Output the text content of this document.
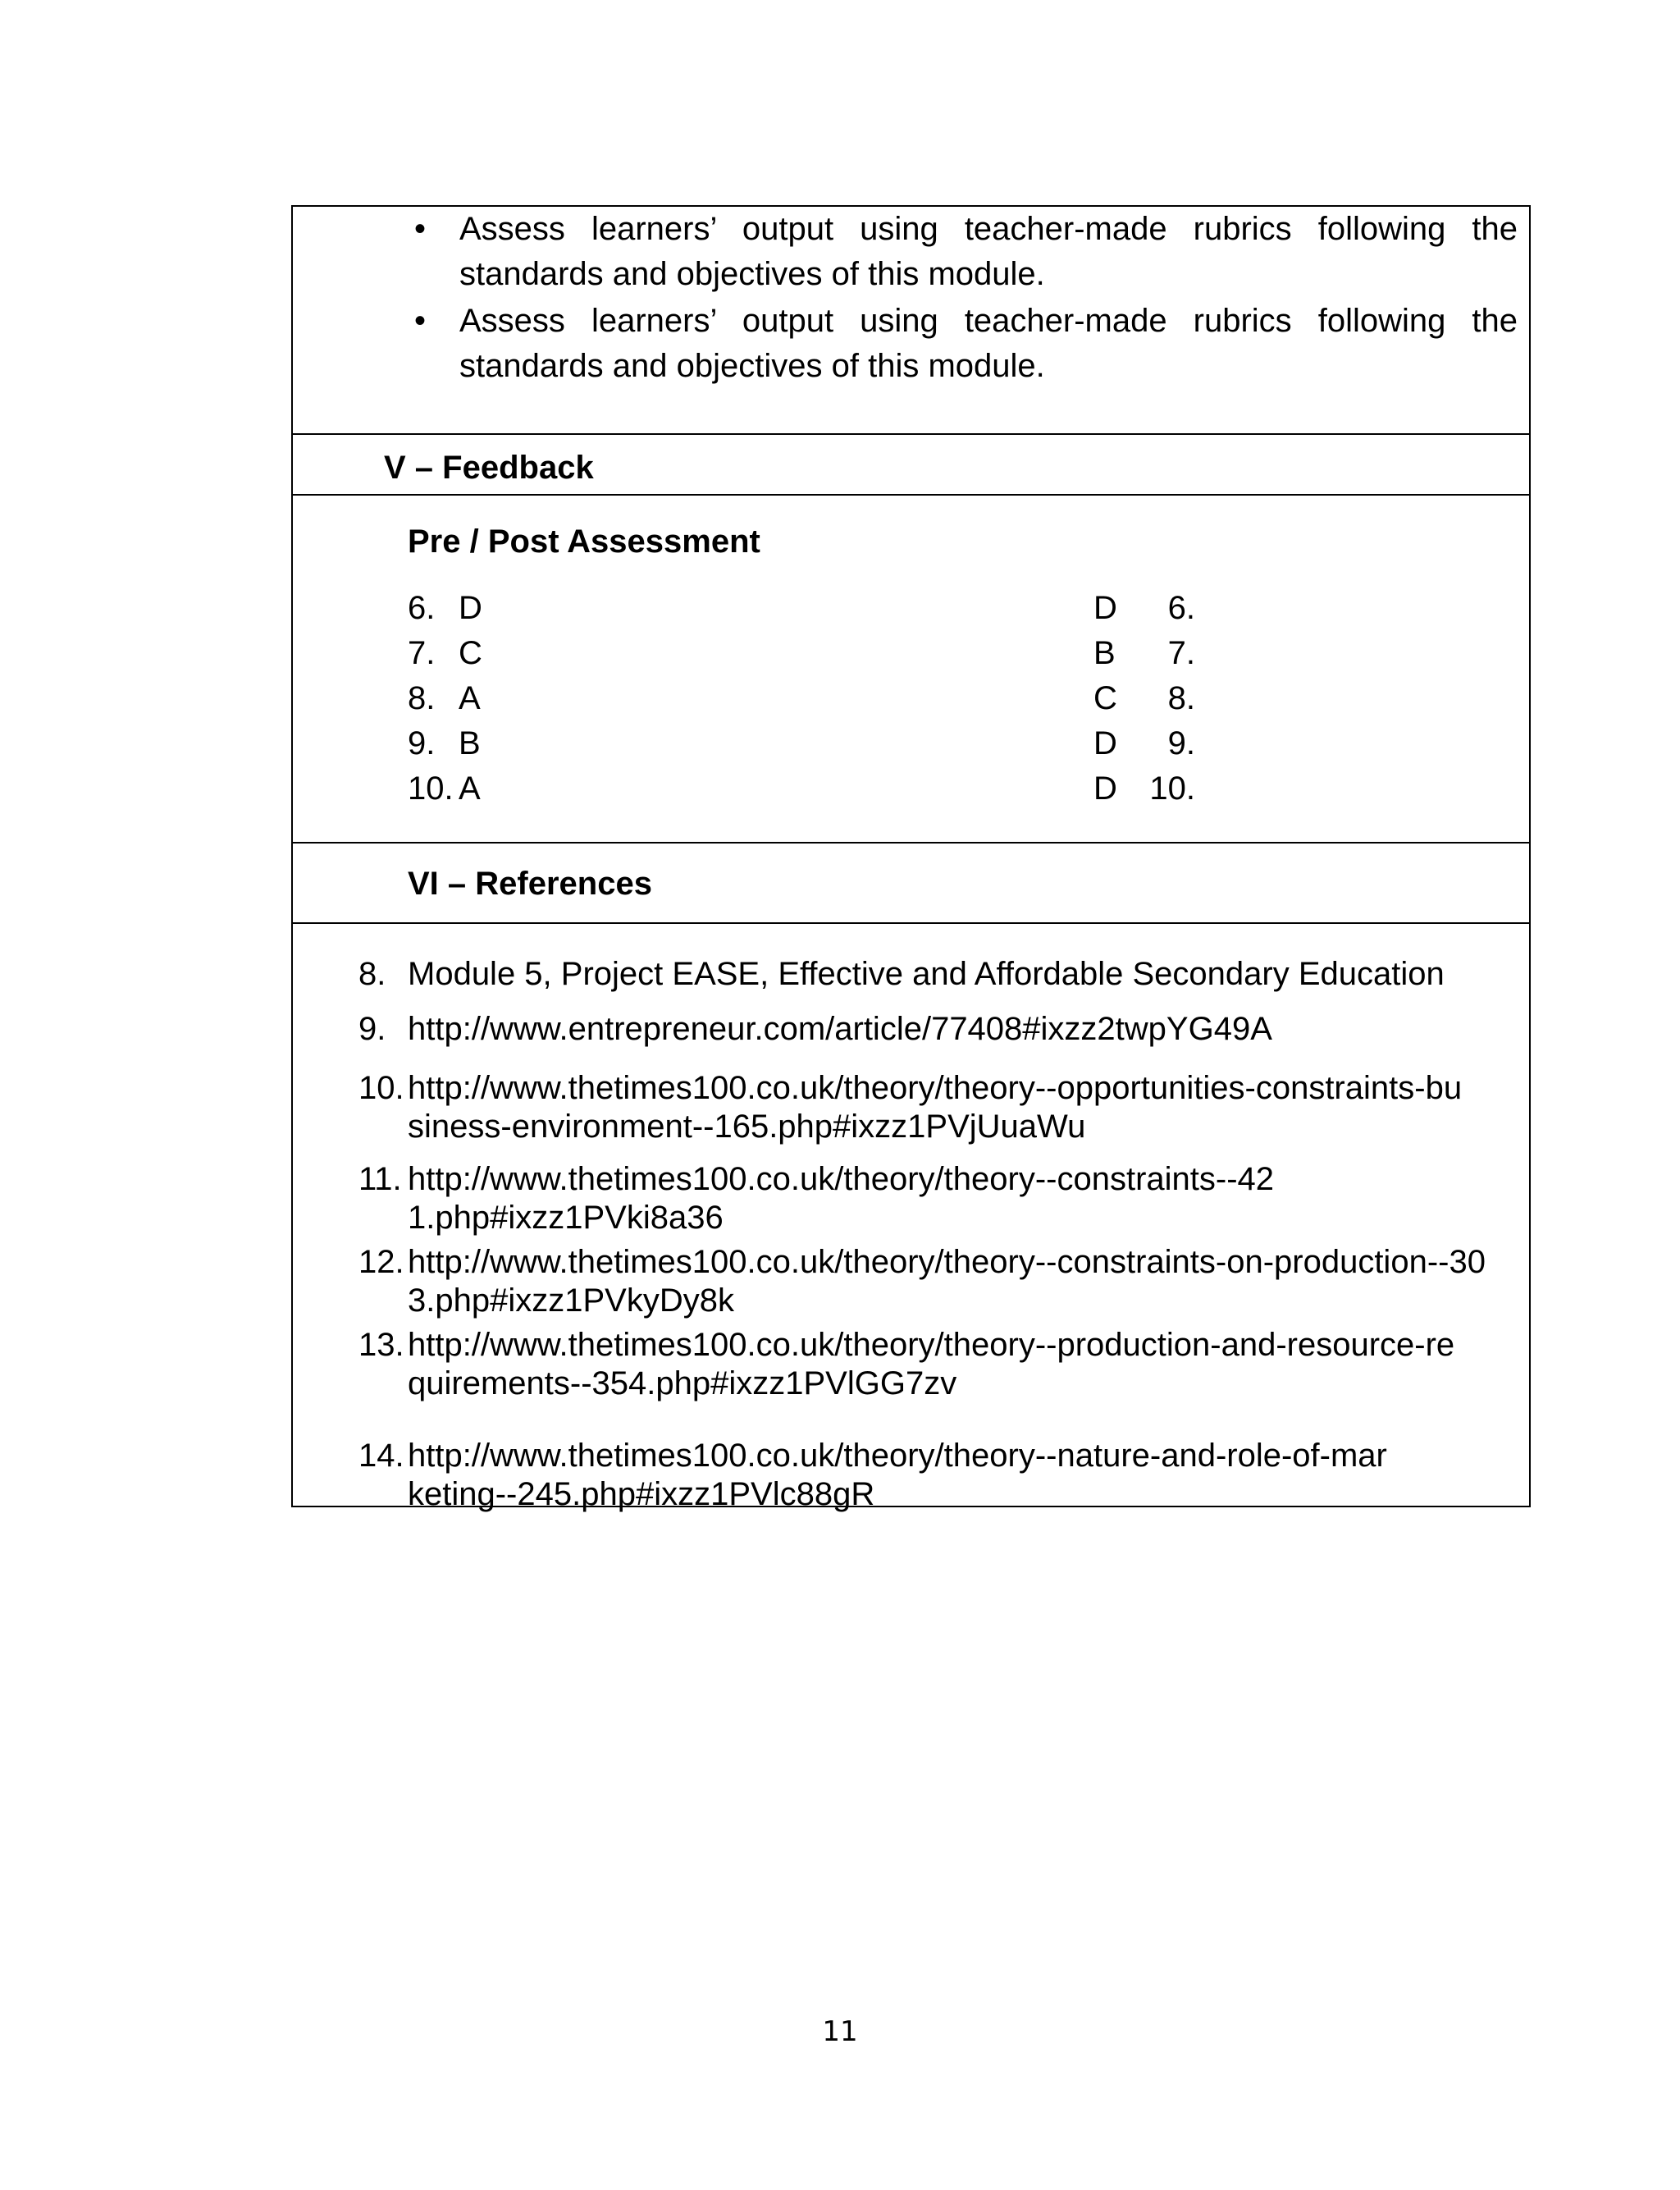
• Assess learners’ output using teacher-made rubrics following the standards and objectives of this module.
• Assess learners’ output using teacher-made rubrics following the standards and objectives of this module.
V – Feedback
Pre / Post Assessment
6. D
7. C
8. A
9. B
10. A
6.
D
7.
B
8.
C
9.
D
10.
D
VI – References
8. Module 5, Project EASE, Effective and Affordable Secondary Education
9. http://www.entrepreneur.com/article/77408#ixzz2twpYG49A
10. http://www.thetimes100.co.uk/theory/theory--opportunities-constraints-business-environment--165.php#ixzz1PVjUuaWu
11. http://www.thetimes100.co.uk/theory/theory--constraints--421.php#ixzz1PVki8a36
12. http://www.thetimes100.co.uk/theory/theory--constraints-on-production--303.php#ixzz1PVkyDy8k
13. http://www.thetimes100.co.uk/theory/theory--production-and-resource-requirements--354.php#ixzz1PVlGG7zv
14. http://www.thetimes100.co.uk/theory/theory--nature-and-role-of-marketing--245.php#ixzz1PVlc88gR
11
